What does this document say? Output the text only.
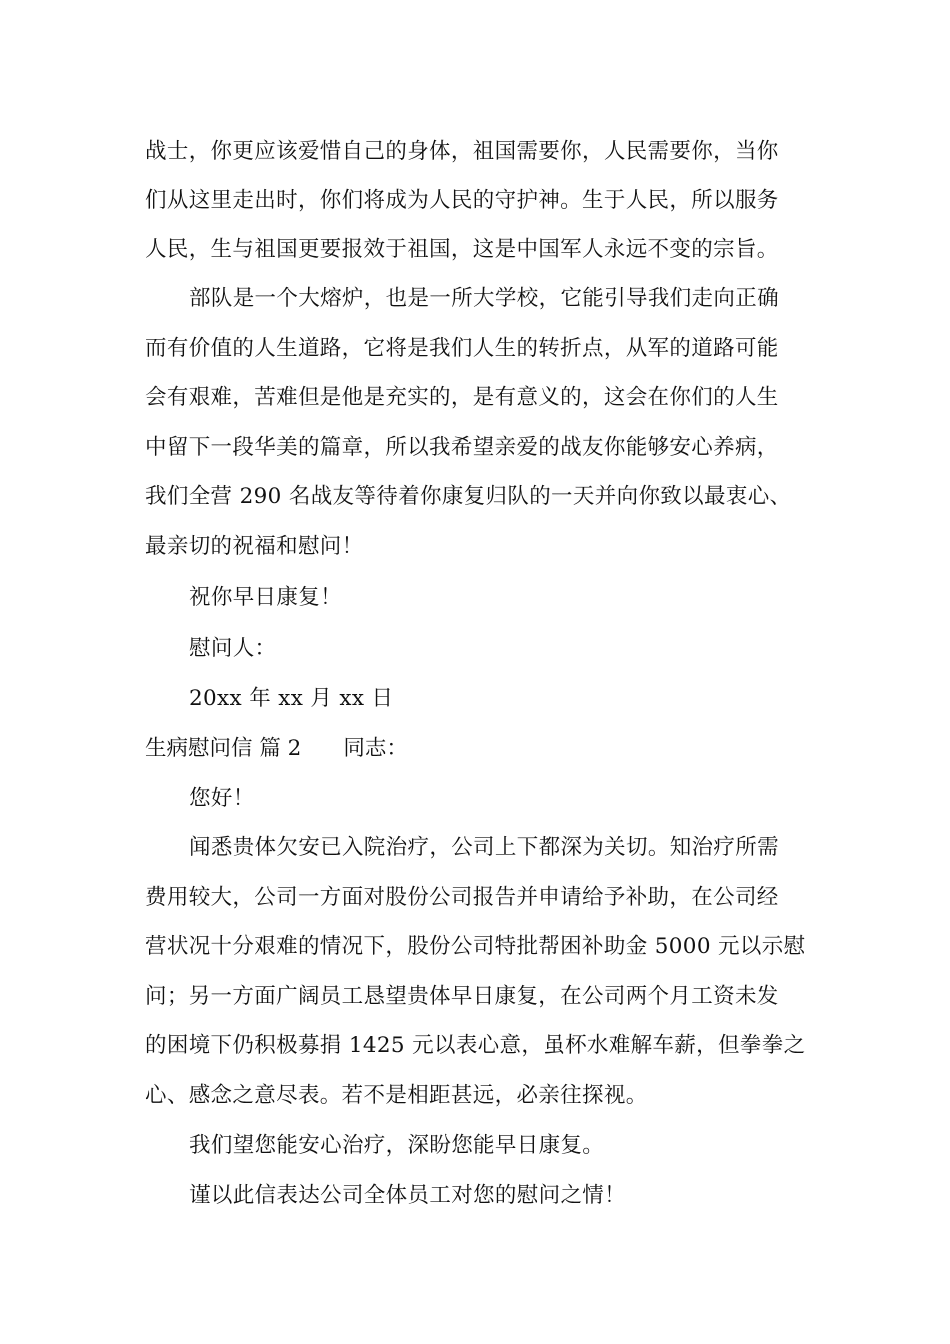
战士，你更应该爱惜自己的身体，祖国需要你，人民需要你，当你
们从这里走出时，你们将成为人民的守护神。生于人民，所以服务
人民，生与祖国更要报效于祖国，这是中国军人永远不变的宗旨。
部队是一个大熔炉，也是一所大学校，它能引导我们走向正确
而有价值的人生道路，它将是我们人生的转折点，从军的道路可能
会有艰难，苦难但是他是充实的，是有意义的，这会在你们的人生
中留下一段华美的篇章，所以我希望亲爱的战友你能够安心养病，
我们全营 290 名战友等待着你康复归队的一天并向你致以最衷心、
最亲切的祝福和慰问！
祝你早日康复！
慰问人：
20xx 年 xx 月 xx 日
生病慰问信 篇 2 同志：
您好！
闻悉贵体欠安已入院治疗，公司上下都深为关切。知治疗所需
费用较大，公司一方面对股份公司报告并申请给予补助，在公司经
营状况十分艰难的情况下，股份公司特批帮困补助金 5000 元以示慰
问；另一方面广阔员工恳望贵体早日康复，在公司两个月工资未发
的困境下仍积极募捐 1425 元以表心意，虽杯水难解车薪，但拳拳之
心、感念之意尽表。若不是相距甚远，必亲往探视。
我们望您能安心治疗，深盼您能早日康复。
谨以此信表达公司全体员工对您的慰问之情！
